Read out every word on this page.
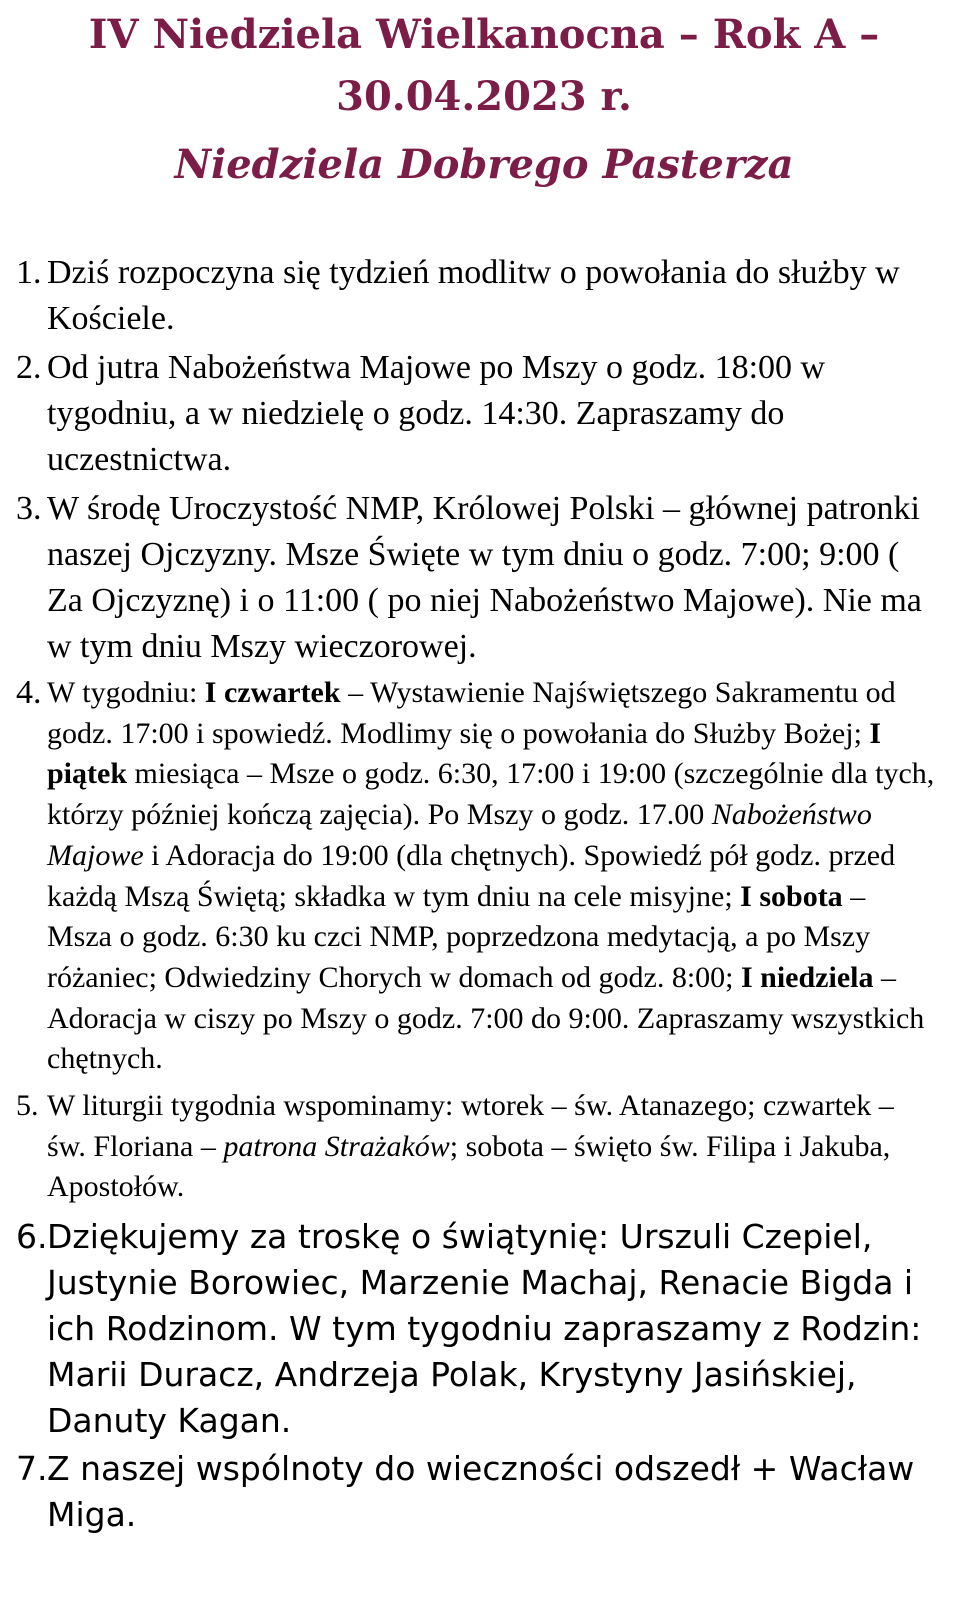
IV Niedziela Wielkanocna – Rok A –
30.04.2023 r.
Niedziela Dobrego Pasterza
1. Dziś rozpoczyna się tydzień modlitw o powołania do służby w Kościele.
2. Od jutra Nabożeństwa Majowe po Mszy o godz. 18:00 w tygodniu, a w niedzielę o godz. 14:30. Zapraszamy do uczestnictwa.
3. W środę Uroczystość NMP, Królowej Polski – głównej patronki naszej Ojczyzny. Msze Święte w tym dniu o godz. 7:00; 9:00 ( Za Ojczyznę) i o 11:00 ( po niej Nabożeństwo Majowe). Nie ma w tym dniu Mszy wieczorowej.
4. W tygodniu: I czwartek – Wystawienie Najświętszego Sakramentu od godz. 17:00 i spowiedź. Modlimy się o powołania do Służby Bożej; I piątek miesiąca – Msze o godz. 6:30, 17:00 i 19:00 (szczególnie dla tych, którzy później kończą zajęcia). Po Mszy o godz. 17.00 Nabożeństwo Majowe i Adoracja do 19:00 (dla chętnych). Spowiedź pół godz. przed każdą Mszą Świętą; składka w tym dniu na cele misyjne; I sobota – Msza o godz. 6:30 ku czci NMP, poprzedzona medytacją, a po Mszy różaniec; Odwiedziny Chorych w domach od godz. 8:00; I niedziela – Adoracja w ciszy po Mszy o godz. 7:00 do 9:00. Zapraszamy wszystkich chętnych.
5. W liturgii tygodnia wspominamy: wtorek – św. Atanazego; czwartek – św. Floriana – patrona Strażaków; sobota – święto św. Filipa i Jakuba, Apostołów.
6. Dziękujemy za troskę o świątynię: Urszuli Czepiel, Justynie Borowiec, Marzenie Machaj, Renacie Bigda i ich Rodzinom. W tym tygodniu zapraszamy z Rodzin: Marii Duracz, Andrzeja Polak, Krystyny Jasińskiej, Danuty Kagan.
7. Z naszej wspólnoty do wieczności odszedł + Wacław Miga.
